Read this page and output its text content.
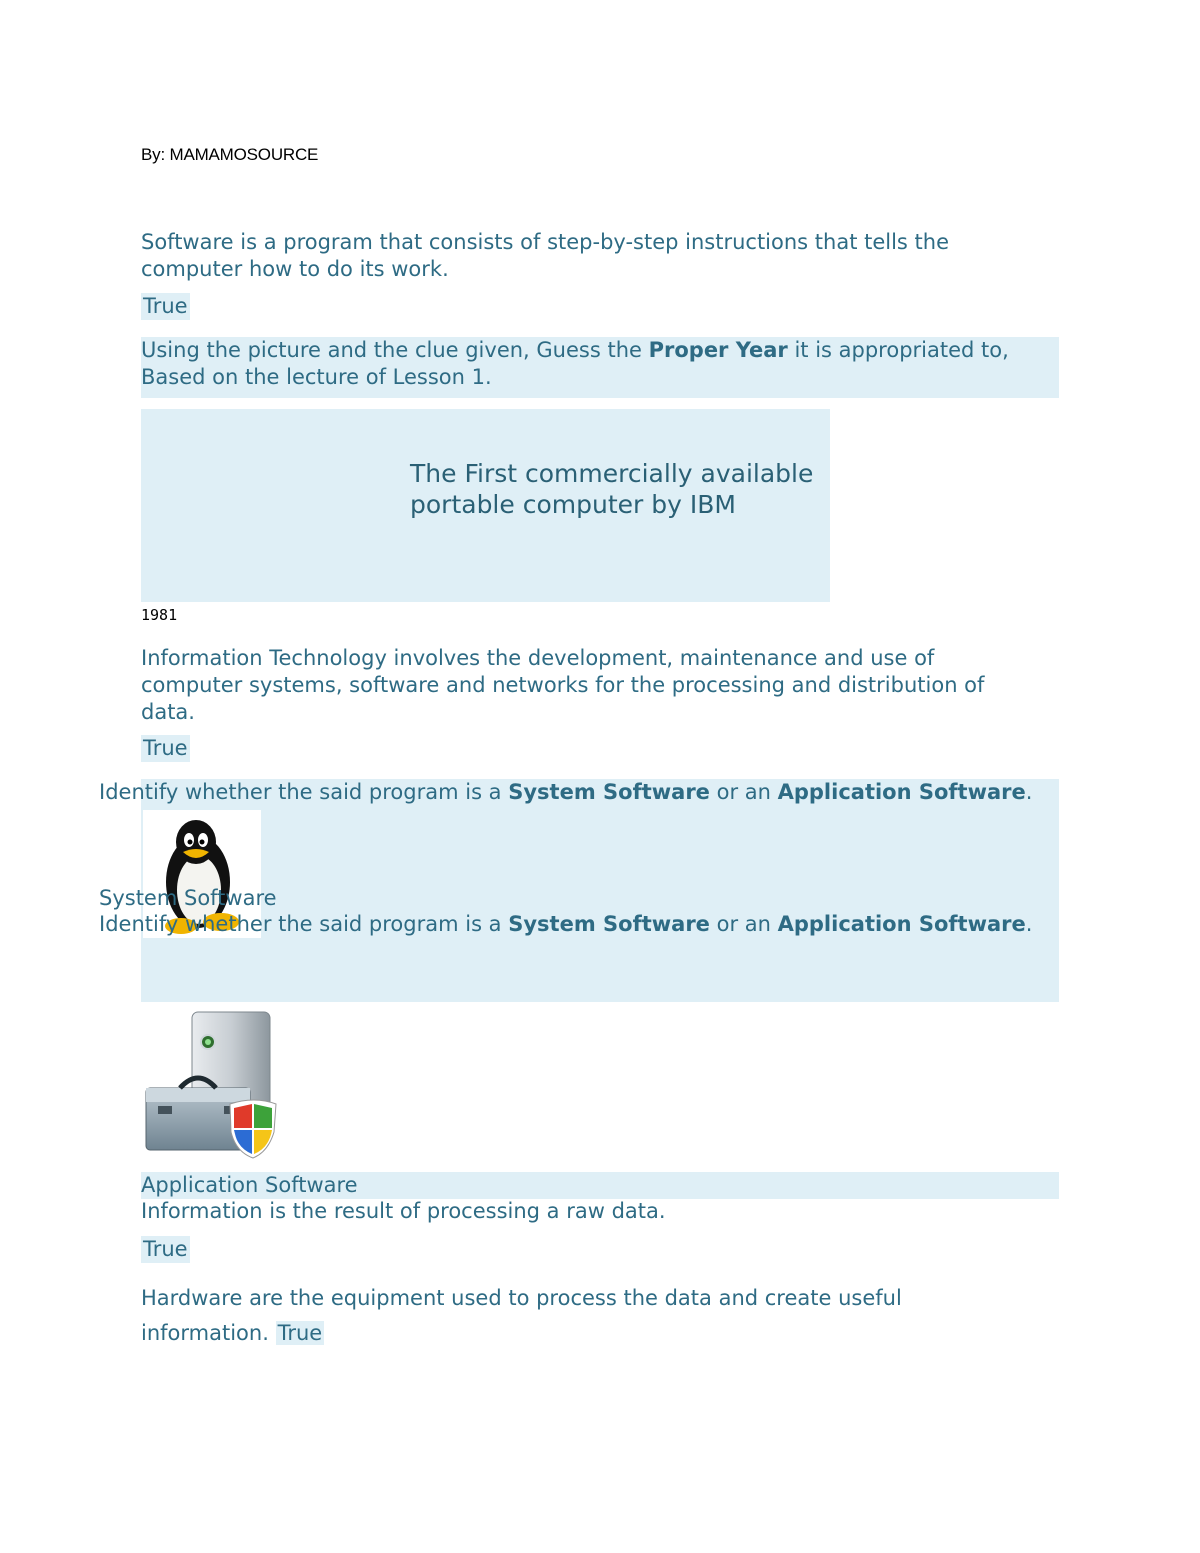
By: MAMAMOSOURCE
Software is a program that consists of step-by-step instructions that tells the computer how to do its work.
True
Using the picture and the clue given, Guess the Proper Year it is appropriated to, Based on the lecture of Lesson 1.
The First commercially available portable computer by IBM
1981
Information Technology involves the development, maintenance and use of computer systems, software and networks for the processing and distribution of data.
True
Identify whether the said program is a System Software or an Application Software.
System Software
Identify whether the said program is a System Software or an Application Software.
Application Software
Information is the result of processing a raw data.
True
Hardware are the equipment used to process the data and create useful information. True
